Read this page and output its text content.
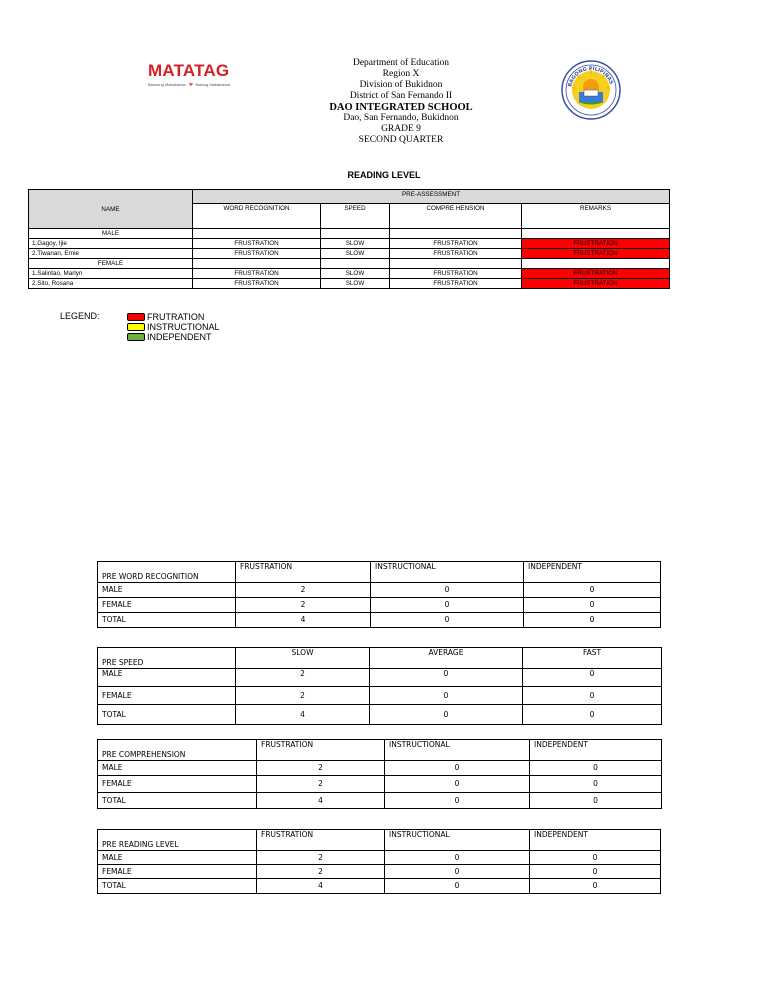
MATATAG
Bansang Makabansa Batang Makabansa
Department of Education
Region X
Division of Bukidnon
District of San Fernando II
DAO INTEGRATED SCHOOL
Dao, San Fernando, Bukidnon
GRADE 9
SECOND QUARTER
BAGONG PILIPINAS
READING LEVEL
NAME	PRE-ASSESSMENT			
	WORD RECOGNITION	SPEED	COMPRE HENSION	REMARKS
MALE				
1.Gagoy, Ijie	FRUSTRATION	SLOW	FRUSTRATION	FRUSTRATION
2.Tiwanan, Ernie	FRUSTRATION	SLOW	FRUSTRATION	FRUSTRATION
FEMALE				
1.Salintao, Marlyn	FRUSTRATION	SLOW	FRUSTRATION	FRUSTRATION
2.Sito, Rosana	FRUSTRATION	SLOW	FRUSTRATION	FRUSTRATION
LEGEND:	FRUTRATION
INSTRUCTIONAL
INDEPENDENT
PRE WORD RECOGNITION	FRUSTRATION	INSTRUCTIONAL	INDEPENDENT
MALE	2	0	0
FEMALE	2	0	0
TOTAL	4	0	0
PRE SPEED	SLOW	AVERAGE	FAST
MALE	2	0	0
FEMALE	2	0	0
TOTAL	4	0	0
PRE COMPREHENSION	FRUSTRATION	INSTRUCTIONAL	INDEPENDENT
MALE	2	0	0
FEMALE	2	0	0
TOTAL	4	0	0
PRE READING LEVEL	FRUSTRATION	INSTRUCTIONAL	INDEPENDENT
MALE	2	0	0
FEMALE	2	0	0
TOTAL	4	0	0
